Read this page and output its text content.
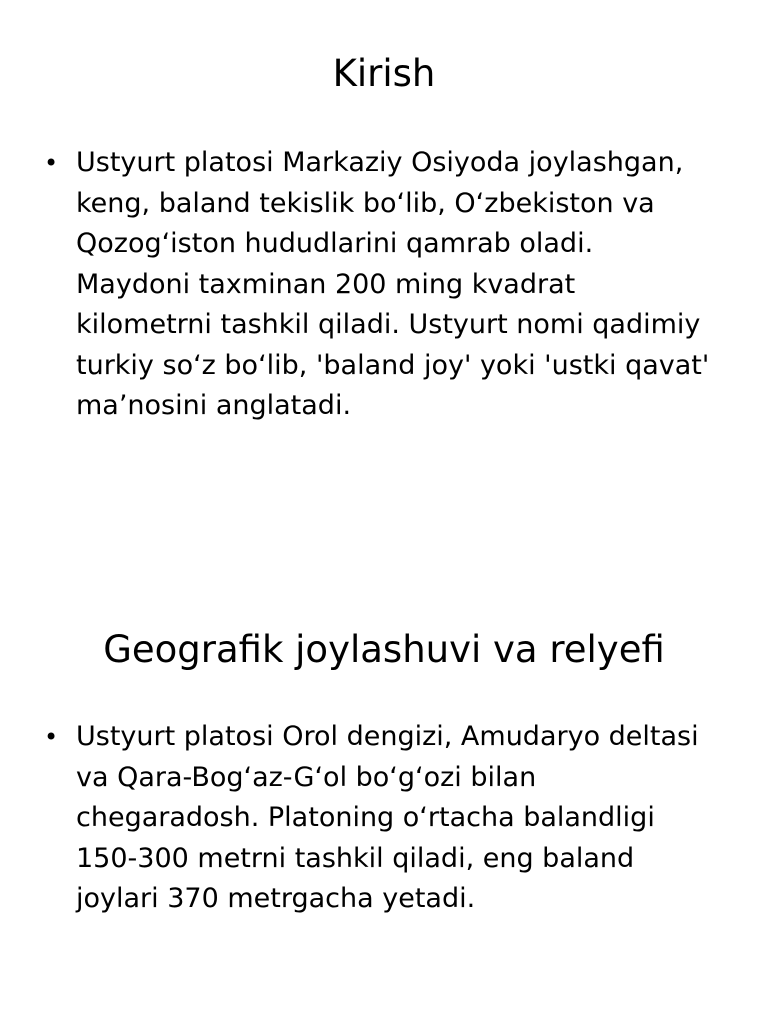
Kirish
• Ustyurt platosi Markaziy Osiyoda joylashgan,
keng, baland tekislik bo‘lib, O‘zbekiston va
Qozog‘iston hududlarini qamrab oladi.
Maydoni taxminan 200 ming kvadrat
kilometrni tashkil qiladi. Ustyurt nomi qadimiy
turkiy so‘z bo‘lib, 'baland joy' yoki 'ustki qavat'
ma’nosini anglatadi.
Geografik joylashuvi va relyefi
• Ustyurt platosi Orol dengizi, Amudaryo deltasi
va Qara-Bog‘az-G‘ol bo‘g‘ozi bilan
chegaradosh. Platoning o‘rtacha balandligi
150-300 metrni tashkil qiladi, eng baland
joylari 370 metrgacha yetadi.
